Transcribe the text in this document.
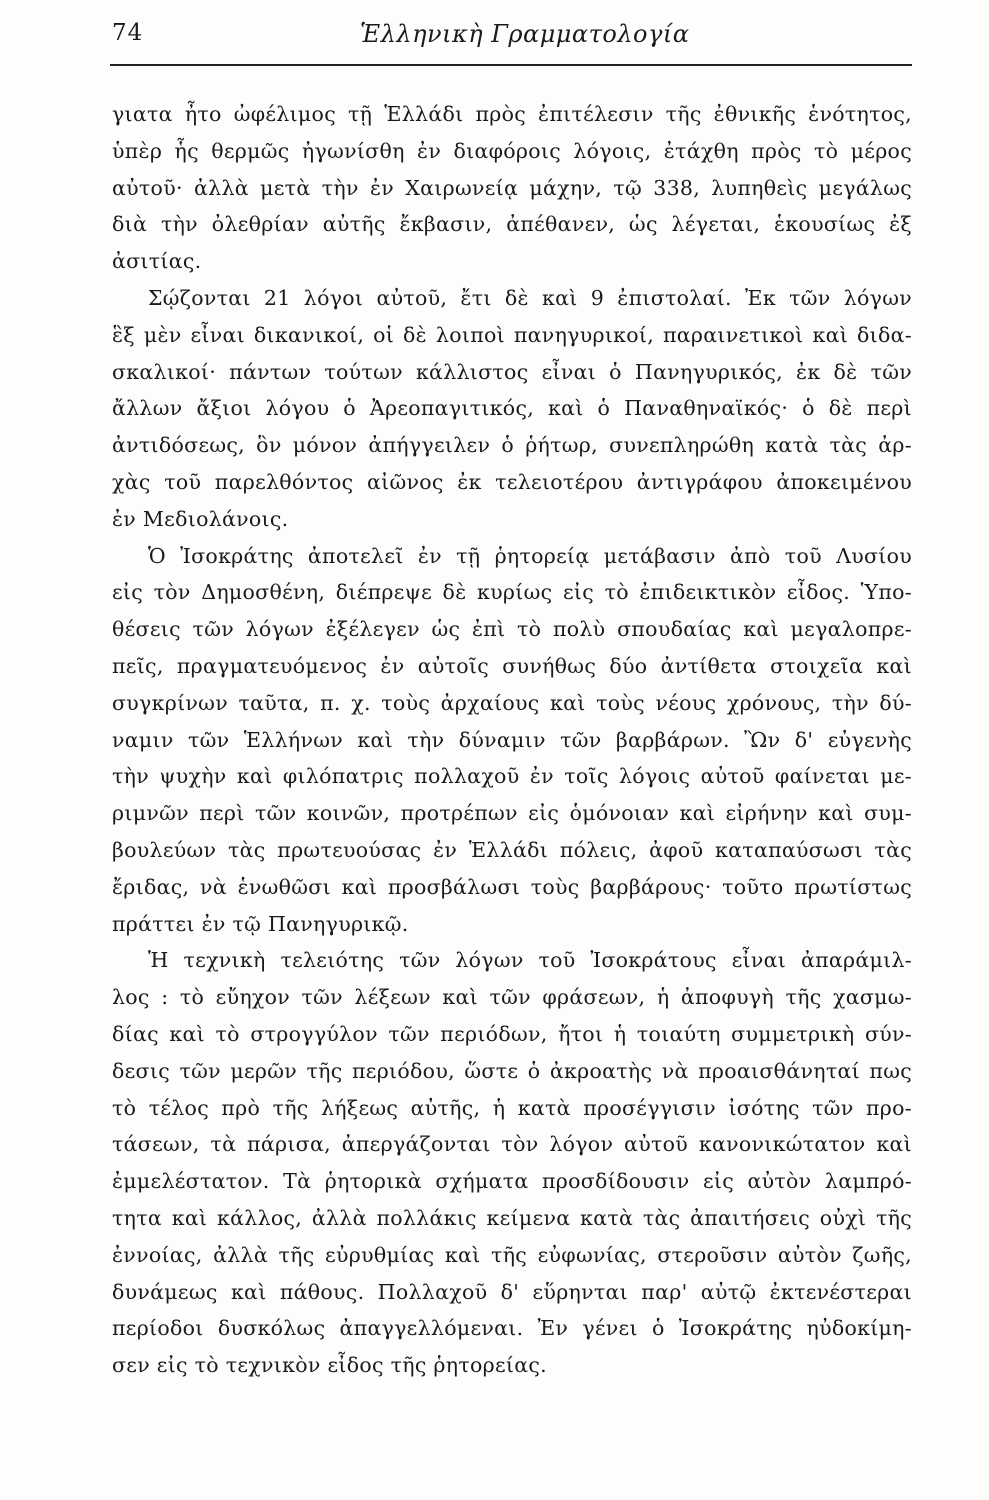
74	Ἑλληνικὴ Γραμματολογία
γιατα ἦτο ὠφέλιμος τῇ Ἑλλάδι πρὸς ἐπιτέλεσιν τῆς ἐθνικῆς ἑνότητος,
ὑπὲρ ἧς θερμῶς ἠγωνίσθη ἐν διαφόροις λόγοις, ἐτάχθη πρὸς τὸ μέρος
αὐτοῦ· ἀλλὰ μετὰ τὴν ἐν Χαιρωνείᾳ μάχην, τῷ 338, λυπηθεὶς μεγάλως
διὰ τὴν ὀλεθρίαν αὐτῆς ἔκβασιν, ἀπέθανεν, ὡς λέγεται, ἑκουσίως ἐξ
ἀσιτίας.
Σῴζονται 21 λόγοι αὐτοῦ, ἔτι δὲ καὶ 9 ἐπιστολαί. Ἐκ τῶν λόγων
ἓξ μὲν εἶναι δικανικοί, οἱ δὲ λοιποὶ πανηγυρικοί, παραινετικοὶ καὶ διδα-
σκαλικοί· πάντων τούτων κάλλιστος εἶναι ὁ Πανηγυρικός, ἐκ δὲ τῶν
ἄλλων ἄξιοι λόγου ὁ Ἀρεοπαγιτικός, καὶ ὁ Παναθηναϊκός· ὁ δὲ περὶ
ἀντιδόσεως, ὃν μόνον ἀπήγγειλεν ὁ ῥήτωρ, συνεπληρώθη κατὰ τὰς ἀρ-
χὰς τοῦ παρελθόντος αἰῶνος ἐκ τελειοτέρου ἀντιγράφου ἀποκειμένου
ἐν Μεδιολάνοις.
Ὁ Ἰσοκράτης ἀποτελεῖ ἐν τῇ ῥητορείᾳ μετάβασιν ἀπὸ τοῦ Λυσίου
εἰς τὸν Δημοσθένη, διέπρεψε δὲ κυρίως εἰς τὸ ἐπιδεικτικὸν εἶδος. Ὑπο-
θέσεις τῶν λόγων ἐξέλεγεν ὡς ἐπὶ τὸ πολὺ σπουδαίας καὶ μεγαλοπρε-
πεῖς, πραγματευόμενος ἐν αὐτοῖς συνήθως δύο ἀντίθετα στοιχεῖα καὶ
συγκρίνων ταῦτα, π. χ. τοὺς ἀρχαίους καὶ τοὺς νέους χρόνους, τὴν δύ-
ναμιν τῶν Ἑλλήνων καὶ τὴν δύναμιν τῶν βαρβάρων. Ὢν δ' εὐγενὴς
τὴν ψυχὴν καὶ φιλόπατρις πολλαχοῦ ἐν τοῖς λόγοις αὐτοῦ φαίνεται με-
ριμνῶν περὶ τῶν κοινῶν, προτρέπων εἰς ὁμόνοιαν καὶ εἰρήνην καὶ συμ-
βουλεύων τὰς πρωτευούσας ἐν Ἑλλάδι πόλεις, ἀφοῦ καταπαύσωσι τὰς
ἔριδας, νὰ ἑνωθῶσι καὶ προσβάλωσι τοὺς βαρβάρους· τοῦτο πρωτίστως
πράττει ἐν τῷ Πανηγυρικῷ.
Ἡ τεχνικὴ τελειότης τῶν λόγων τοῦ Ἰσοκράτους εἶναι ἀπαράμιλ-
λος : τὸ εὔηχον τῶν λέξεων καὶ τῶν φράσεων, ἡ ἀποφυγὴ τῆς χασμω-
δίας καὶ τὸ στρογγύλον τῶν περιόδων, ἤτοι ἡ τοιαύτη συμμετρικὴ σύν-
δεσις τῶν μερῶν τῆς περιόδου, ὥστε ὁ ἀκροατὴς νὰ προαισθάνηταί πως
τὸ τέλος πρὸ τῆς λήξεως αὐτῆς, ἡ κατὰ προσέγγισιν ἰσότης τῶν προ-
τάσεων, τὰ πάρισα, ἀπεργάζονται τὸν λόγον αὐτοῦ κανονικώτατον καὶ
ἐμμελέστατον. Τὰ ῥητορικὰ σχήματα προσδίδουσιν εἰς αὐτὸν λαμπρό-
τητα καὶ κάλλος, ἀλλὰ πολλάκις κείμενα κατὰ τὰς ἀπαιτήσεις οὐχὶ τῆς
ἐννοίας, ἀλλὰ τῆς εὐρυθμίας καὶ τῆς εὐφωνίας, στεροῦσιν αὐτὸν ζωῆς,
δυνάμεως καὶ πάθους. Πολλαχοῦ δ' εὕρηνται παρ' αὐτῷ ἐκτενέστεραι
περίοδοι δυσκόλως ἀπαγγελλόμεναι. Ἐν γένει ὁ Ἰσοκράτης ηὐδοκίμη-
σεν εἰς τὸ τεχνικὸν εἶδος τῆς ῥητορείας.
